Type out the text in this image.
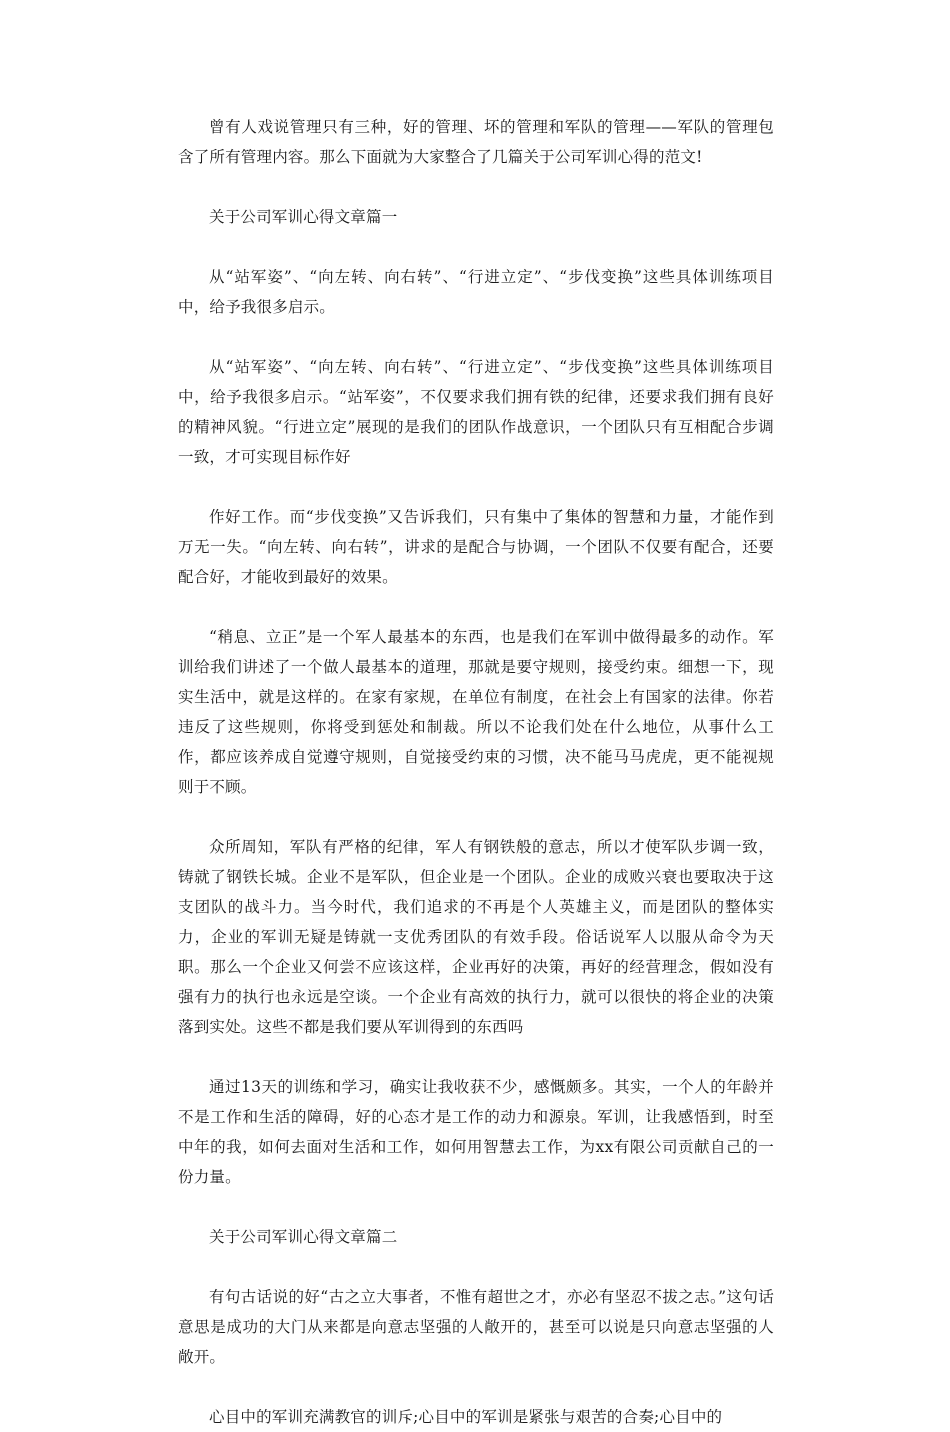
曾有人戏说管理只有三种，好的管理、坏的管理和军队的管理——军队的管理包含了所有管理内容。那么下面就为大家整合了几篇关于公司军训心得的范文!

关于公司军训心得文章篇一

从“站军姿”、“向左转、向右转”、“行进立定”、“步伐变换”这些具体训练项目中，给予我很多启示。

从“站军姿”、“向左转、向右转”、“行进立定”、“步伐变换”这些具体训练项目中，给予我很多启示。“站军姿”，不仅要求我们拥有铁的纪律，还要求我们拥有良好的精神风貌。“行进立定”展现的是我们的团队作战意识，一个团队只有互相配合步调一致，才可实现目标作好

作好工作。而“步伐变换”又告诉我们，只有集中了集体的智慧和力量，才能作到万无一失。“向左转、向右转”，讲求的是配合与协调，一个团队不仅要有配合，还要配合好，才能收到最好的效果。

“稍息、立正”是一个军人最基本的东西，也是我们在军训中做得最多的动作。军训给我们讲述了一个做人最基本的道理，那就是要守规则，接受约束。细想一下，现实生活中，就是这样的。在家有家规，在单位有制度，在社会上有国家的法律。你若违反了这些规则，你将受到惩处和制裁。所以不论我们处在什么地位，从事什么工作，都应该养成自觉遵守规则，自觉接受约束的习惯，决不能马马虎虎，更不能视规则于不顾。

众所周知，军队有严格的纪律，军人有钢铁般的意志，所以才使军队步调一致，铸就了钢铁长城。企业不是军队，但企业是一个团队。企业的成败兴衰也要取决于这支团队的战斗力。当今时代，我们追求的不再是个人英雄主义，而是团队的整体实力，企业的军训无疑是铸就一支优秀团队的有效手段。俗话说军人以服从命令为天职。那么一个企业又何尝不应该这样，企业再好的决策，再好的经营理念，假如没有强有力的执行也永远是空谈。一个企业有高效的执行力，就可以很快的将企业的决策落到实处。这些不都是我们要从军训得到的东西吗

通过13天的训练和学习，确实让我收获不少，感慨颇多。其实，一个人的年龄并不是工作和生活的障碍，好的心态才是工作的动力和源泉。军训，让我感悟到，时至中年的我，如何去面对生活和工作，如何用智慧去工作，为xx有限公司贡献自己的一份力量。

关于公司军训心得文章篇二

有句古话说的好“古之立大事者，不惟有超世之才，亦必有坚忍不拔之志。”这句话意思是成功的大门从来都是向意志坚强的人敞开的，甚至可以说是只向意志坚强的人敞开。

心目中的军训充满教官的训斥;心目中的军训是紧张与艰苦的合奏;心目中的
